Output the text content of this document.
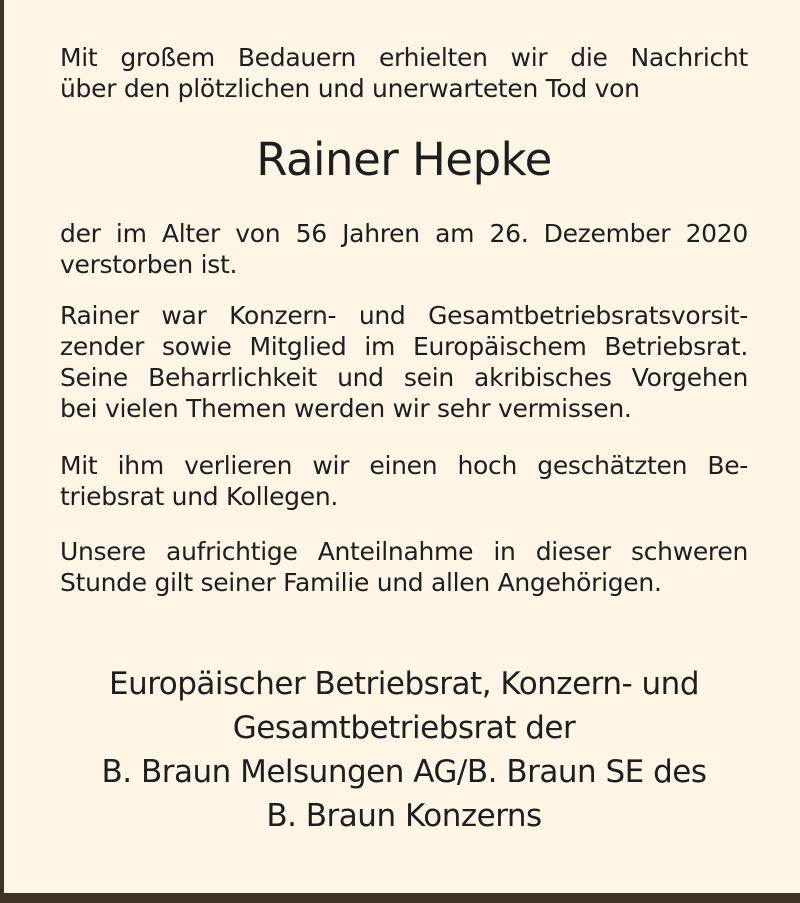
Mit großem Bedauern erhielten wir die Nachricht
über den plötzlichen und unerwarteten Tod von

Rainer Hepke

der im Alter von 56 Jahren am 26. Dezember 2020
verstorben ist.

Rainer war Konzern- und Gesamtbetriebsratsvorsit-
zender sowie Mitglied im Europäischem Betriebsrat.
Seine Beharrlichkeit und sein akribisches Vorgehen
bei vielen Themen werden wir sehr vermissen.

Mit ihm verlieren wir einen hoch geschätzten Be-
triebsrat und Kollegen.

Unsere aufrichtige Anteilnahme in dieser schweren
Stunde gilt seiner Familie und allen Angehörigen.

Europäischer Betriebsrat, Konzern- und
Gesamtbetriebsrat der
B. Braun Melsungen AG/B. Braun SE des
B. Braun Konzerns
